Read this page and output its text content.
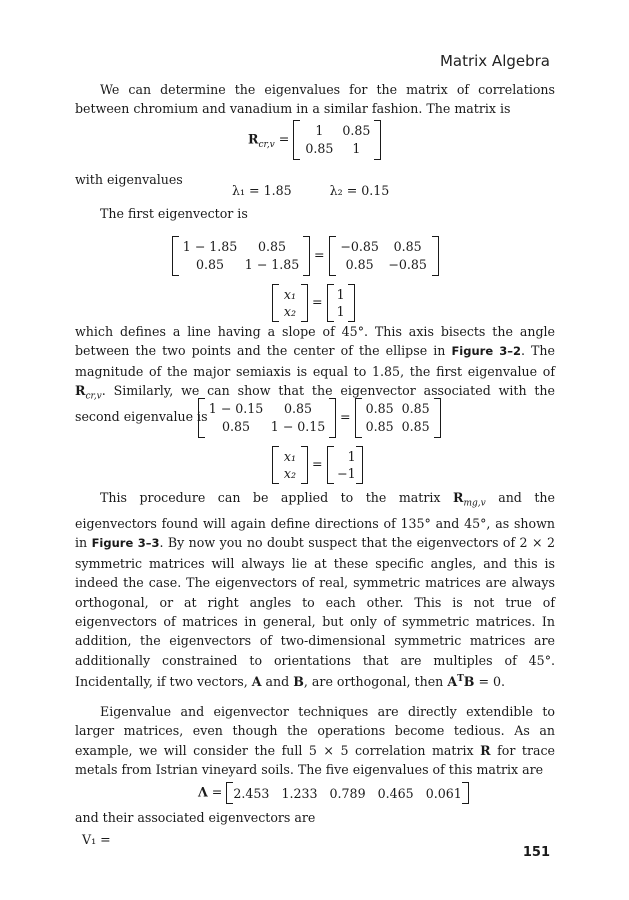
Matrix Algebra
We can determine the eigenvalues for the matrix of correlations between chromium and vanadium in a similar fashion. The matrix is
$R_{cr,v}$ =
1 0.85
0.85 1
with eigenvalues
λ₁ = 1.85	λ₂ = 0.15
The first eigenvector is
1 − 1.85 0.85
0.85 1 − 1.85
=
−0.85 0.85
0.85 −0.85
x₁
x₂
= 1
1
which defines a line having a slope of 45°. This axis bisects the angle between the two points and the center of the ellipse in Figure 3–2. The magnitude of the major semiaxis is equal to 1.85, the first eigenvalue of $R_{cr,v}$. Similarly, we can show that the eigenvector associated with the second eigenvalue is
1 − 0.15 0.85
0.85 1 − 0.15
=
0.85 0.85
0.85 0.85
x₁
x₂
=	1
−1
This procedure can be applied to the matrix $R_{mg,v}$ and the eigenvectors found will again define directions of 135° and 45°, as shown in Figure 3–3. By now you no doubt suspect that the eigenvectors of 2 × 2 symmetric matrices will always lie at these specific angles, and this is indeed the case. The eigenvectors of real, symmetric matrices are always orthogonal, or at right angles to each other. This is not true of eigenvectors of matrices in general, but only of symmetric matrices. In addition, the eigenvectors of two-dimensional symmetric matrices are additionally constrained to orientations that are multiples of 45°. Incidentally, if two vectors, A and B, are orthogonal, then $A^TB = 0$.
Eigenvalue and eigenvector techniques are directly extendible to larger matrices, even though the operations become tedious. As an example, we will consider the full 5 × 5 correlation matrix R for trace metals from Istrian vineyard soils. The five eigenvalues of this matrix are
Λ = 2.453 1.233 0.789 0.465 0.061
and their associated eigenvectors are
V₁ =
151
